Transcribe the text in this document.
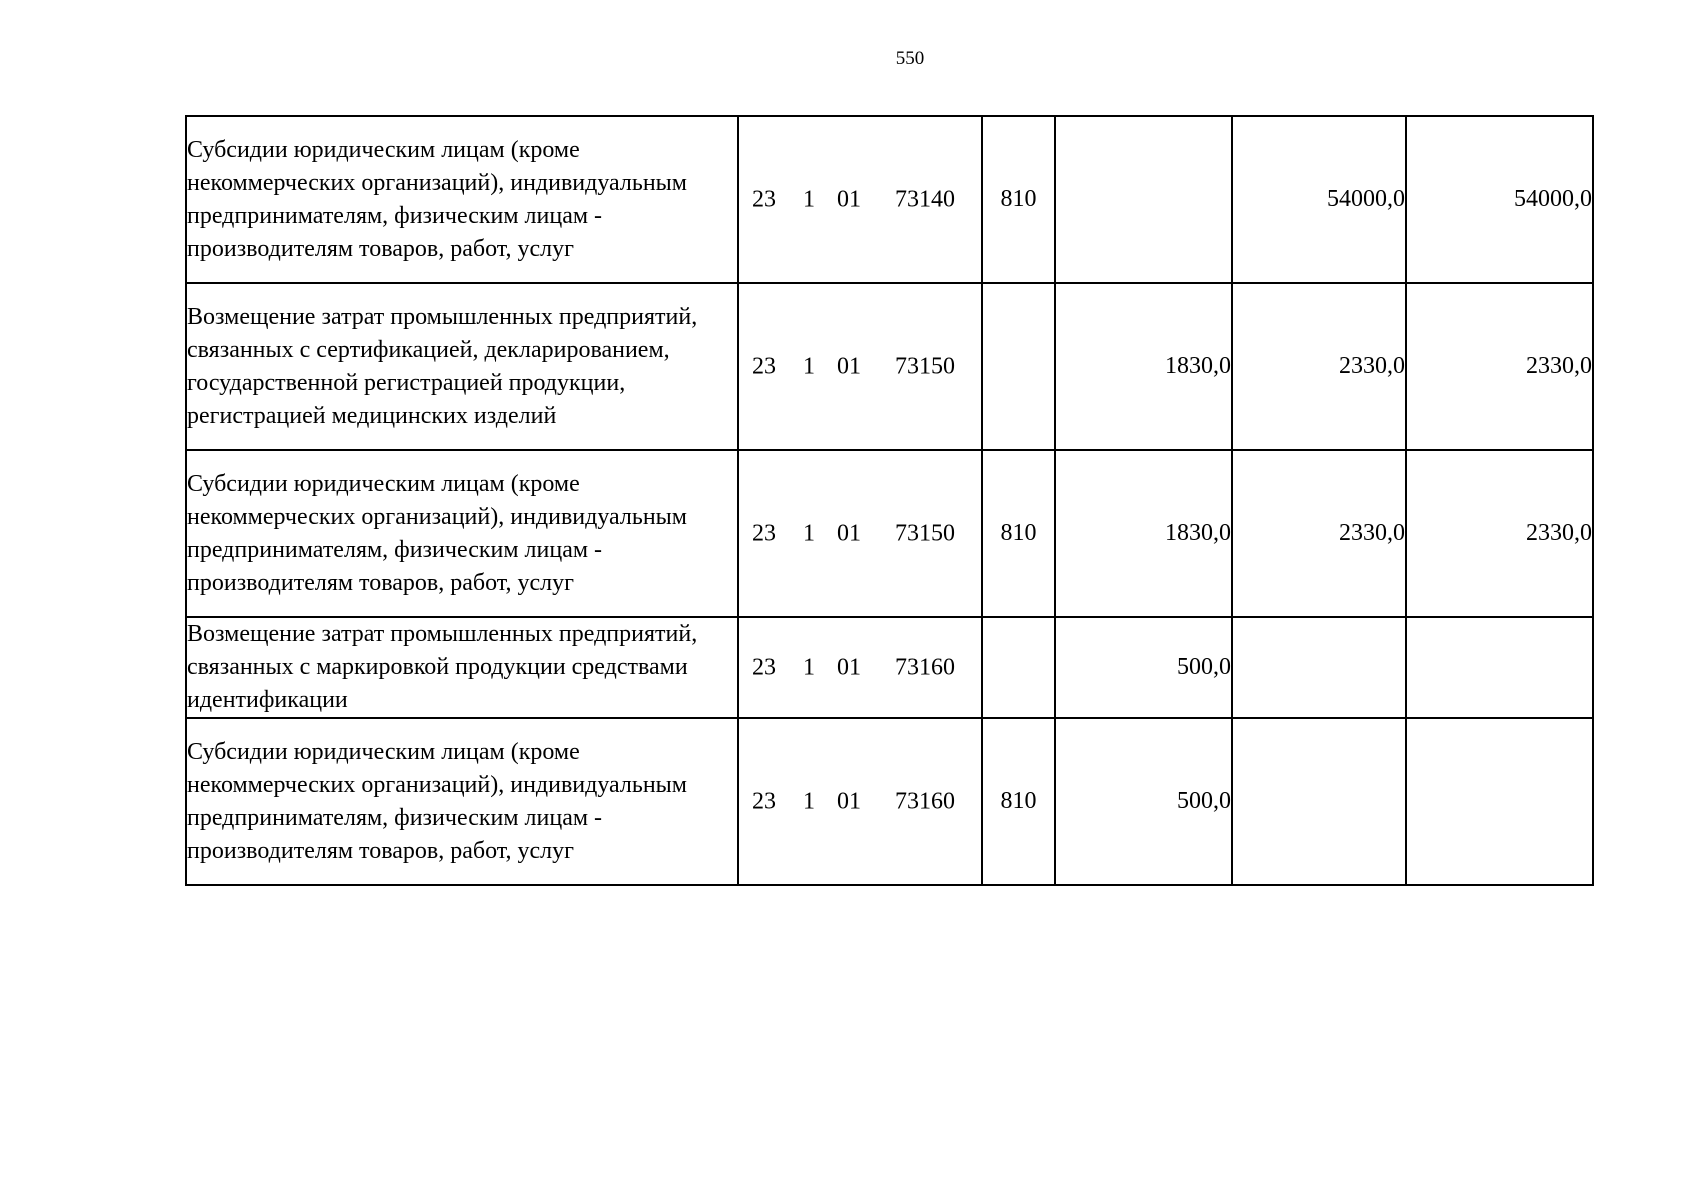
550
Субсидии юридическим лицам (кроме некоммерческих организаций), индивидуальным предпринимателям, физическим лицам - производителям товаров, работ, услуг	23 1 01 73140	810		54000,0	54000,0
Возмещение затрат промышленных предприятий, связанных с сертификацией, декларированием, государственной регистрацией продукции, регистрацией медицинских изделий	23 1 01 73150		1830,0	2330,0	2330,0
Субсидии юридическим лицам (кроме некоммерческих организаций), индивидуальным предпринимателям, физическим лицам - производителям товаров, работ, услуг	23 1 01 73150	810	1830,0	2330,0	2330,0
Возмещение затрат промышленных предприятий, связанных с маркировкой продукции средствами идентификации	23 1 01 73160		500,0		
Субсидии юридическим лицам (кроме некоммерческих организаций), индивидуальным предпринимателям, физическим лицам - производителям товаров, работ, услуг	23 1 01 73160	810	500,0		
